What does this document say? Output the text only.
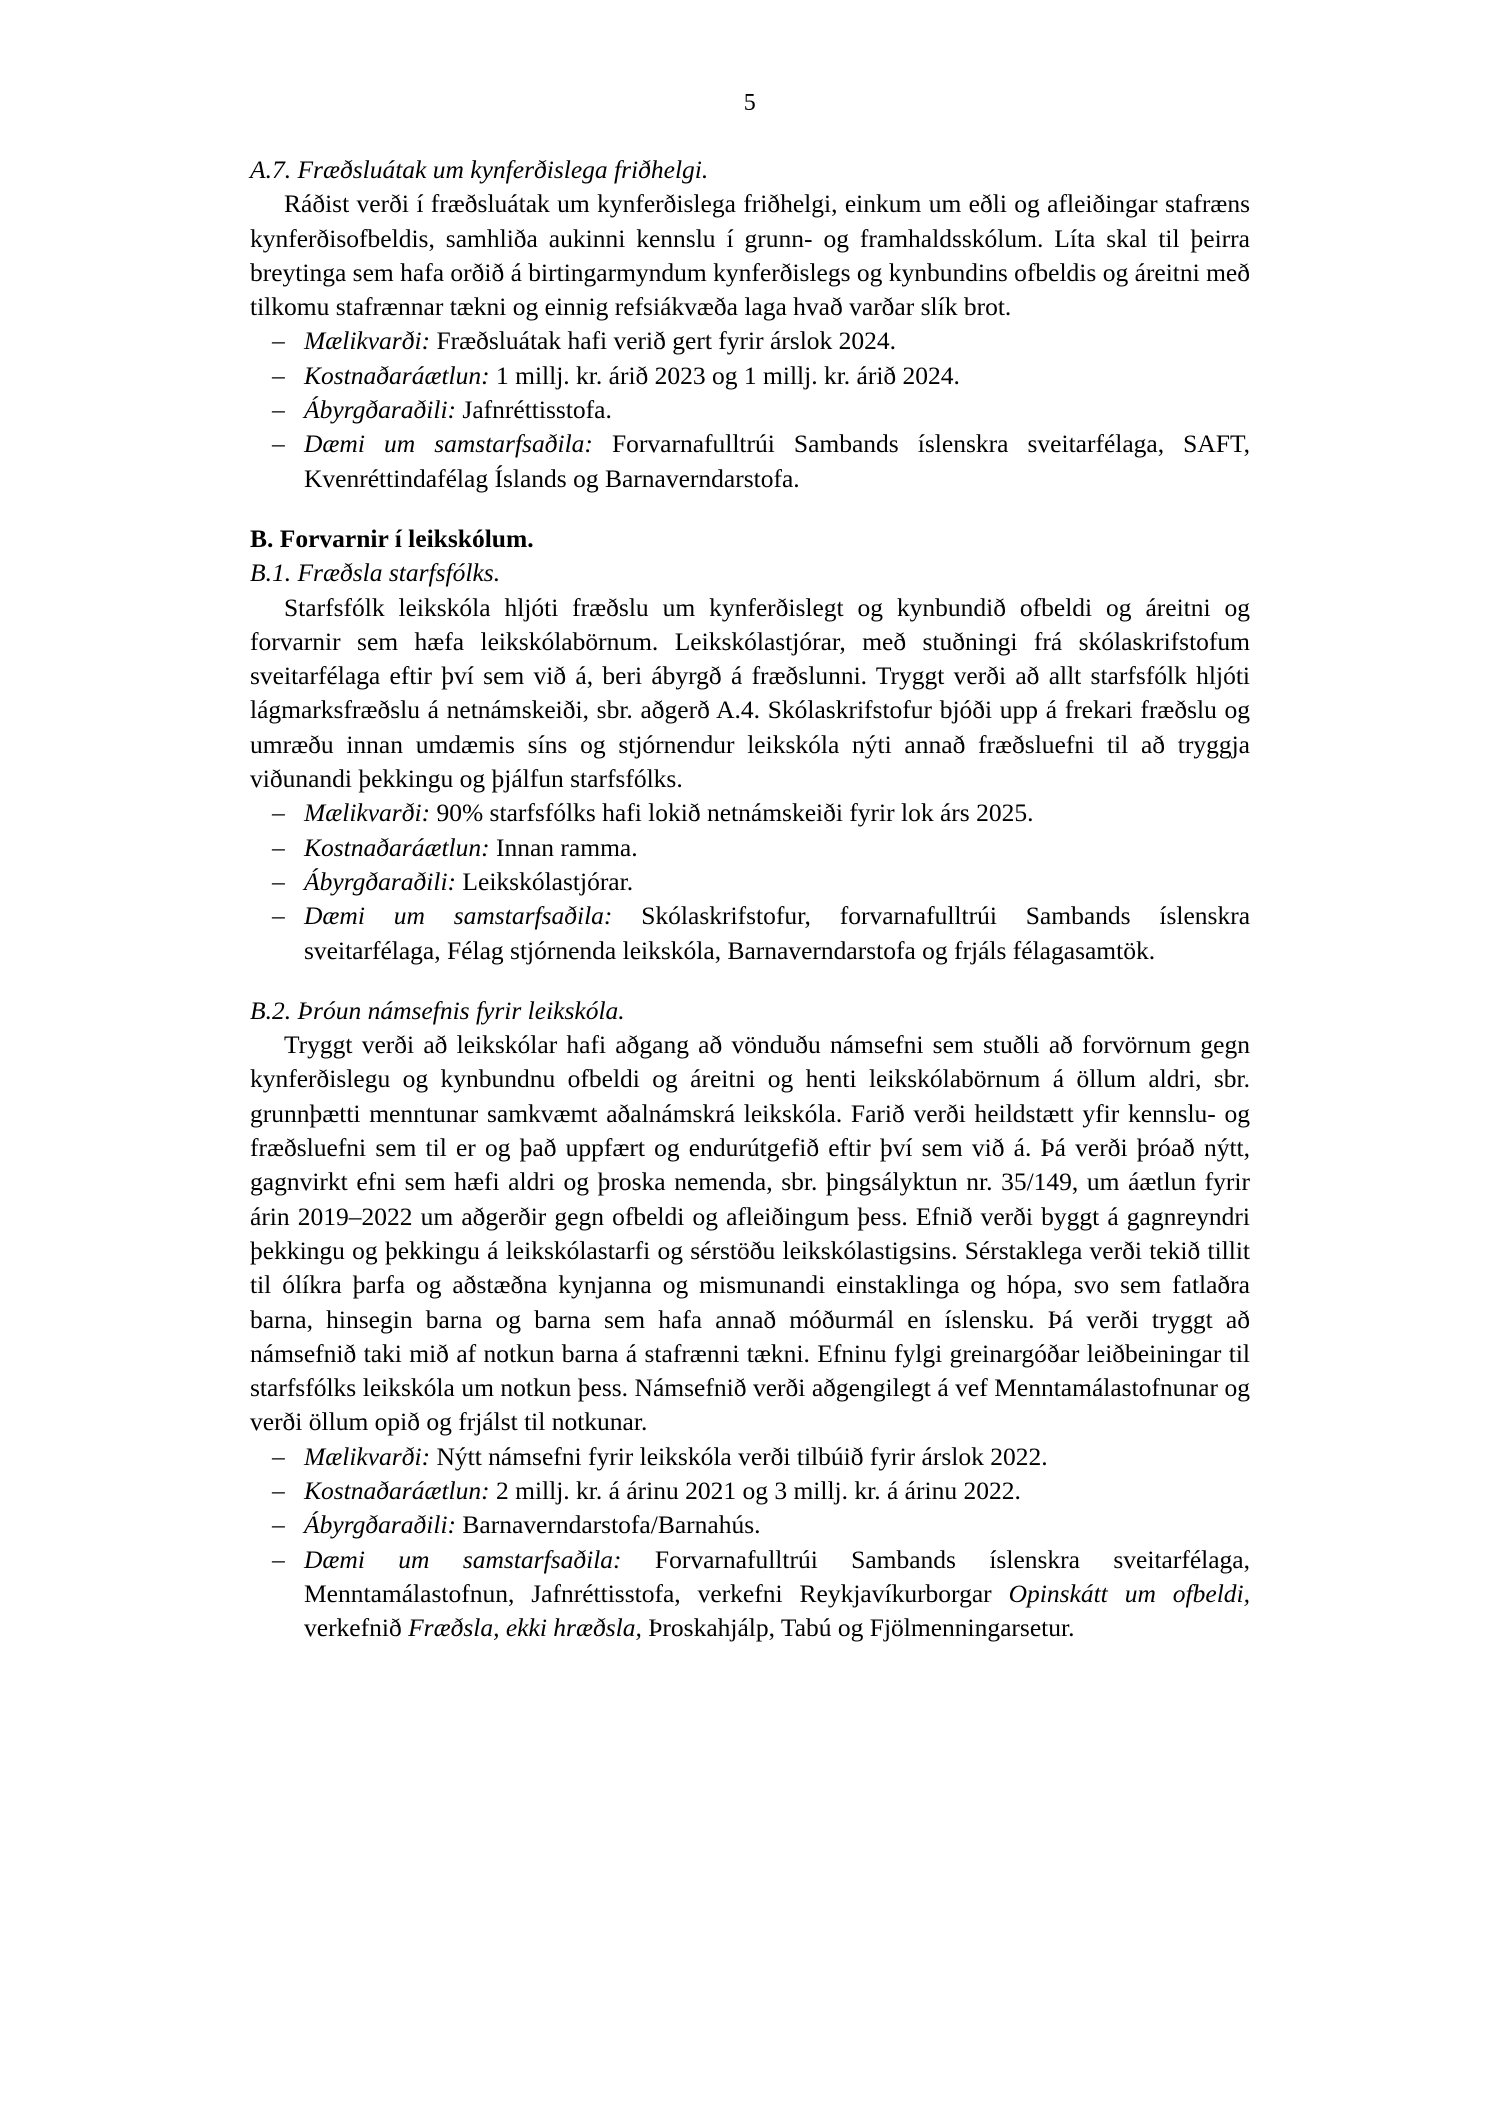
5

A.7. Fræðsluátak um kynferðislega friðhelgi.

Ráðist verði í fræðsluátak um kynferðislega friðhelgi, einkum um eðli og afleiðingar stafræns kynferðisofbeldis, samhliða aukinni kennslu í grunn- og framhaldsskólum. Líta skal til þeirra breytinga sem hafa orðið á birtingarmyndum kynferðislegs og kynbundins ofbeldis og áreitni með tilkomu stafrænnar tækni og einnig refsiákvæða laga hvað varðar slík brot.

– Mælikvarði: Fræðsluátak hafi verið gert fyrir árslok 2024.
– Kostnaðaráætlun: 1 millj. kr. árið 2023 og 1 millj. kr. árið 2024.
– Ábyrgðaraðili: Jafnréttisstofa.
– Dæmi um samstarfsaðila: Forvarnafulltrúi Sambands íslenskra sveitarfélaga, SAFT, Kvenréttindafélag Íslands og Barnaverndarstofa.

B. Forvarnir í leikskólum.

B.1. Fræðsla starfsfólks.

Starfsfólk leikskóla hljóti fræðslu um kynferðislegt og kynbundið ofbeldi og áreitni og forvarnir sem hæfa leikskólabörnum. Leikskólastjórar, með stuðningi frá skólaskrifstofum sveitarfélaga eftir því sem við á, beri ábyrgð á fræðslunni. Tryggt verði að allt starfsfólk hljóti lágmarksfræðslu á netnámskeiði, sbr. aðgerð A.4. Skólaskrifstofur bjóði upp á frekari fræðslu og umræðu innan umdæmis síns og stjórnendur leikskóla nýti annað fræðsluefni til að tryggja viðunandi þekkingu og þjálfun starfsfólks.

– Mælikvarði: 90% starfsfólks hafi lokið netnámskeiði fyrir lok árs 2025.
– Kostnaðaráætlun: Innan ramma.
– Ábyrgðaraðili: Leikskólastjórar.
– Dæmi um samstarfsaðila: Skólaskrifstofur, forvarnafulltrúi Sambands íslenskra sveitarfélaga, Félag stjórnenda leikskóla, Barnaverndarstofa og frjáls félagasamtök.

B.2. Þróun námsefnis fyrir leikskóla.

Tryggt verði að leikskólar hafi aðgang að vönduðu námsefni sem stuðli að forvörnum gegn kynferðislegu og kynbundnu ofbeldi og áreitni og henti leikskólabörnum á öllum aldri, sbr. grunnþætti menntunar samkvæmt aðalnámskrá leikskóla. Farið verði heildstætt yfir kennslu- og fræðsluefni sem til er og það uppfært og endurútgefið eftir því sem við á. Þá verði þróað nýtt, gagnvirkt efni sem hæfi aldri og þroska nemenda, sbr. þingsályktun nr. 35/149, um áætlun fyrir árin 2019–2022 um aðgerðir gegn ofbeldi og afleiðingum þess. Efnið verði byggt á gagnreyndri þekkingu og þekkingu á leikskólastarfi og sérstöðu leikskólastigsins. Sérstaklega verði tekið tillit til ólíkra þarfa og aðstæðna kynjanna og mismunandi einstaklinga og hópa, svo sem fatlaðra barna, hinsegin barna og barna sem hafa annað móðurmál en íslensku. Þá verði tryggt að námsefnið taki mið af notkun barna á stafrænni tækni. Efninu fylgi greinargóðar leiðbeiningar til starfsfólks leikskóla um notkun þess. Námsefnið verði aðgengilegt á vef Menntamálastofnunar og verði öllum opið og frjálst til notkunar.

– Mælikvarði: Nýtt námsefni fyrir leikskóla verði tilbúið fyrir árslok 2022.
– Kostnaðaráætlun: 2 millj. kr. á árinu 2021 og 3 millj. kr. á árinu 2022.
– Ábyrgðaraðili: Barnaverndarstofa/Barnahús.
– Dæmi um samstarfsaðila: Forvarnafulltrúi Sambands íslenskra sveitarfélaga, Menntamálastofnun, Jafnréttisstofa, verkefni Reykjavíkurborgar Opinskátt um ofbeldi, verkefnið Fræðsla, ekki hræðsla, Þroskahjálp, Tabú og Fjölmenningarsetur.
